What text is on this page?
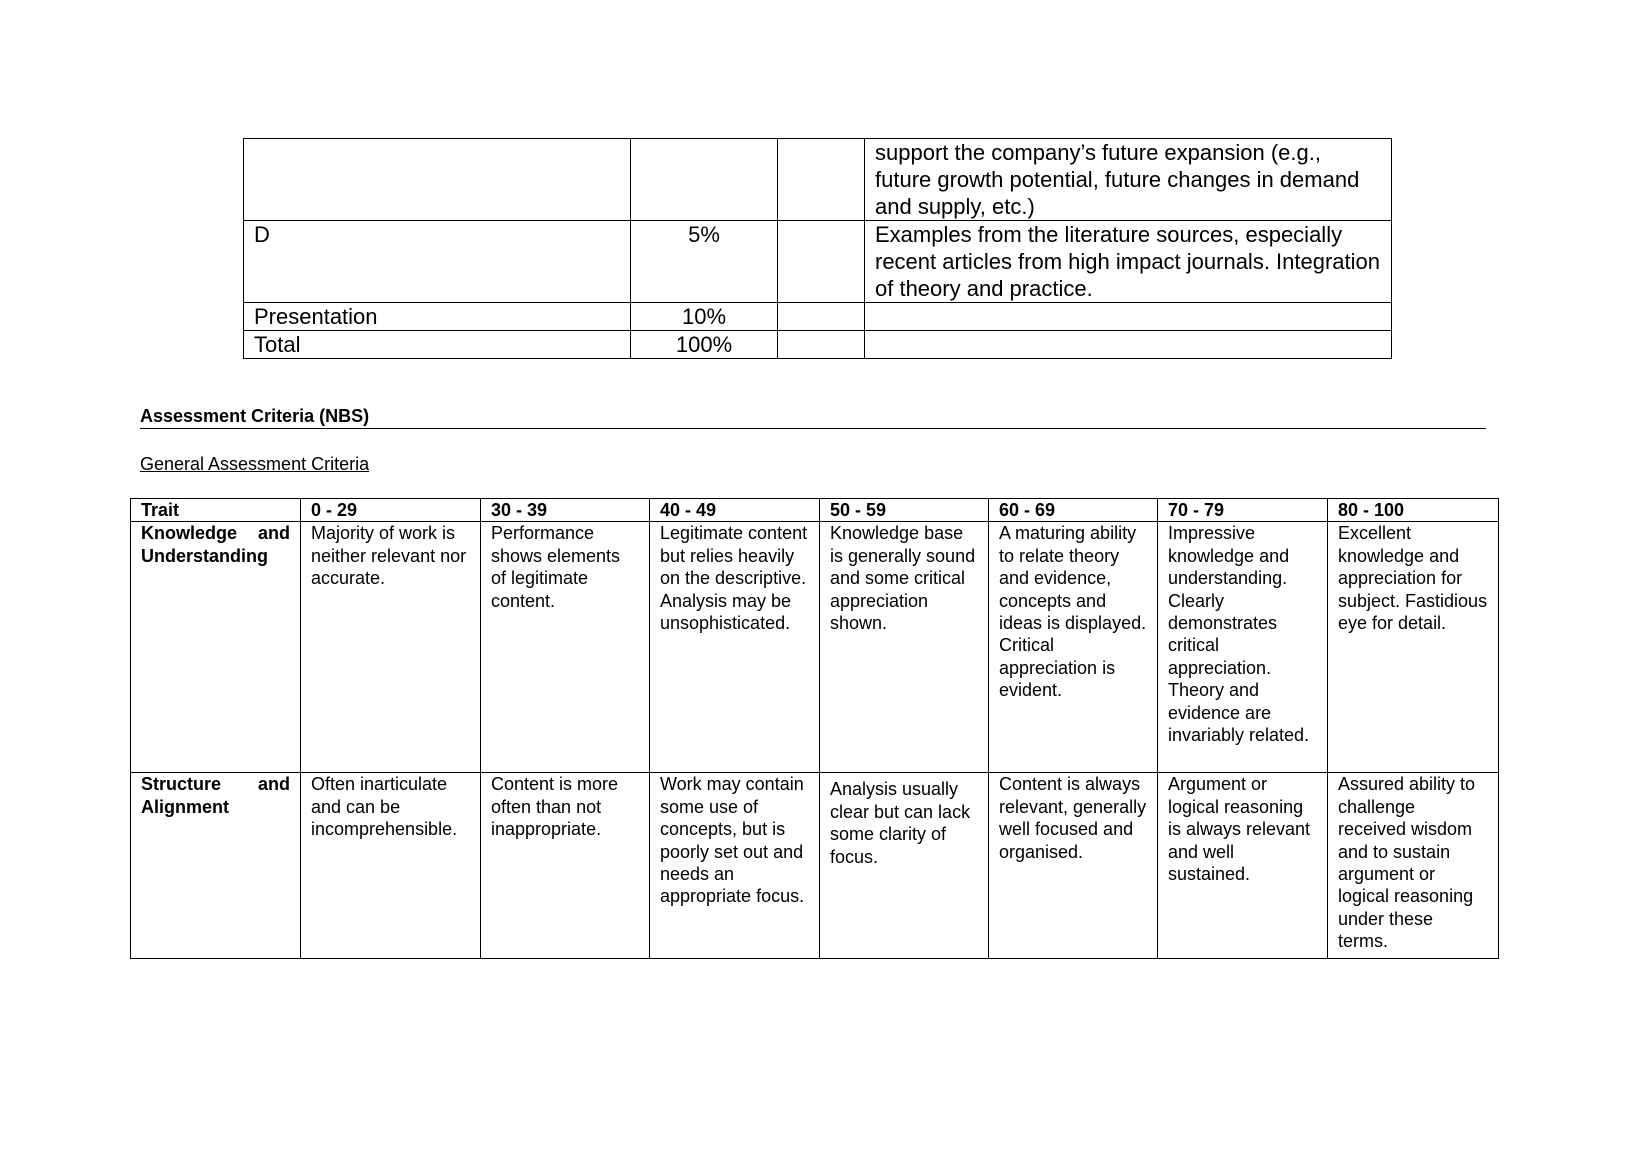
			support the company’s future expansion (e.g., future growth potential, future changes in demand and supply, etc.)
D	5%		Examples from the literature sources, especially recent articles from high impact journals. Integration of theory and practice.
Presentation	10%		
Total	100%		
Assessment Criteria (NBS)
General Assessment Criteria
Trait	0 - 29	30 - 39	40 - 49	50 - 59	60 - 69	70 - 79	80 - 100

Knowledge and
Understanding	Majority of work is neither relevant nor accurate.	Performance shows elements of legitimate content.	Legitimate content but relies heavily on the descriptive. Analysis may be unsophisticated.	Knowledge base is generally sound and some critical appreciation shown.	A maturing ability to relate theory and evidence, concepts and ideas is displayed. Critical appreciation is evident.	Impressive knowledge and understanding. Clearly demonstrates critical appreciation. Theory and evidence are invariably related.	Excellent knowledge and appreciation for subject. Fastidious eye for detail.

Structure and
Alignment	Often inarticulate and can be incomprehensible.	Content is more often than not inappropriate.	Work may contain some use of concepts, but is poorly set out and needs an appropriate focus.	Analysis usually clear but can lack some clarity of focus.	Content is always relevant, generally well focused and organised.	Argument or logical reasoning is always relevant and well sustained.	Assured ability to challenge received wisdom and to sustain argument or logical reasoning under these terms.
